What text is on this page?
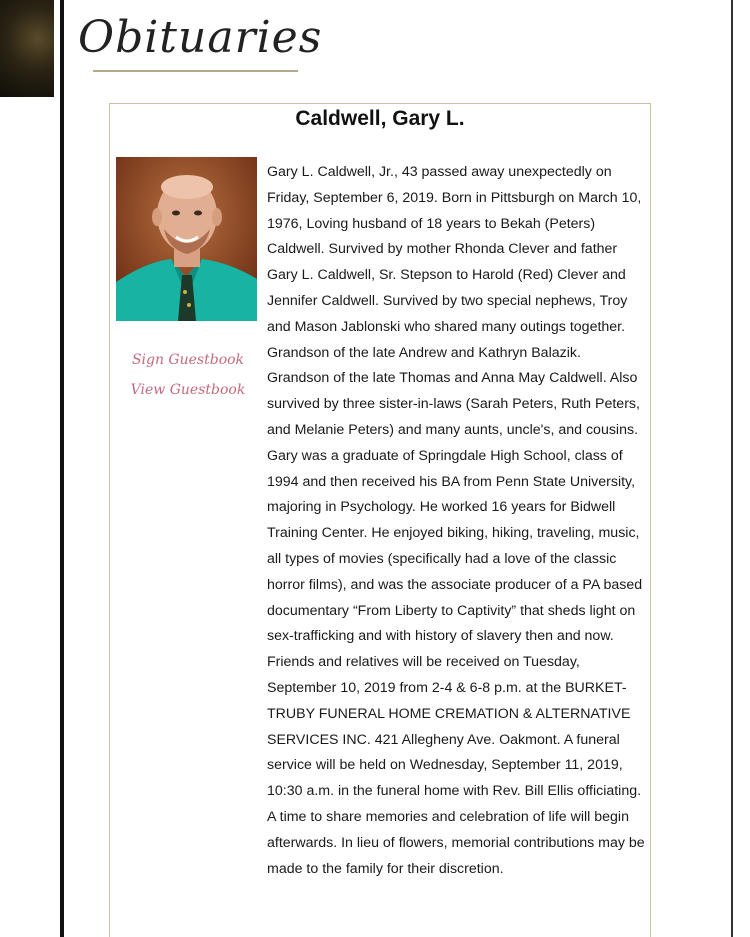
Obituaries
Caldwell, Gary L.
Sign Guestbook
View Guestbook
Gary L. Caldwell, Jr., 43 passed away unexpectedly on Friday, September 6, 2019. Born in Pittsburgh on March 10, 1976, Loving husband of 18 years to Bekah (Peters) Caldwell. Survived by mother Rhonda Clever and father Gary L. Caldwell, Sr. Stepson to Harold (Red) Clever and Jennifer Caldwell. Survived by two special nephews, Troy and Mason Jablonski who shared many outings together. Grandson of the late Andrew and Kathryn Balazik. Grandson of the late Thomas and Anna May Caldwell. Also survived by three sister-in-laws (Sarah Peters, Ruth Peters, and Melanie Peters) and many aunts, uncle's, and cousins. Gary was a graduate of Springdale High School, class of 1994 and then received his BA from Penn State University, majoring in Psychology. He worked 16 years for Bidwell Training Center. He enjoyed biking, hiking, traveling, music, all types of movies (specifically had a love of the classic horror films), and was the associate producer of a PA based documentary “From Liberty to Captivity” that sheds light on sex-trafficking and with history of slavery then and now. Friends and relatives will be received on Tuesday, September 10, 2019 from 2-4 & 6-8 p.m. at the BURKET-TRUBY FUNERAL HOME CREMATION & ALTERNATIVE SERVICES INC. 421 Allegheny Ave. Oakmont. A funeral service will be held on Wednesday, September 11, 2019, 10:30 a.m. in the funeral home with Rev. Bill Ellis officiating. A time to share memories and celebration of life will begin afterwards. In lieu of flowers, memorial contributions may be made to the family for their discretion.
